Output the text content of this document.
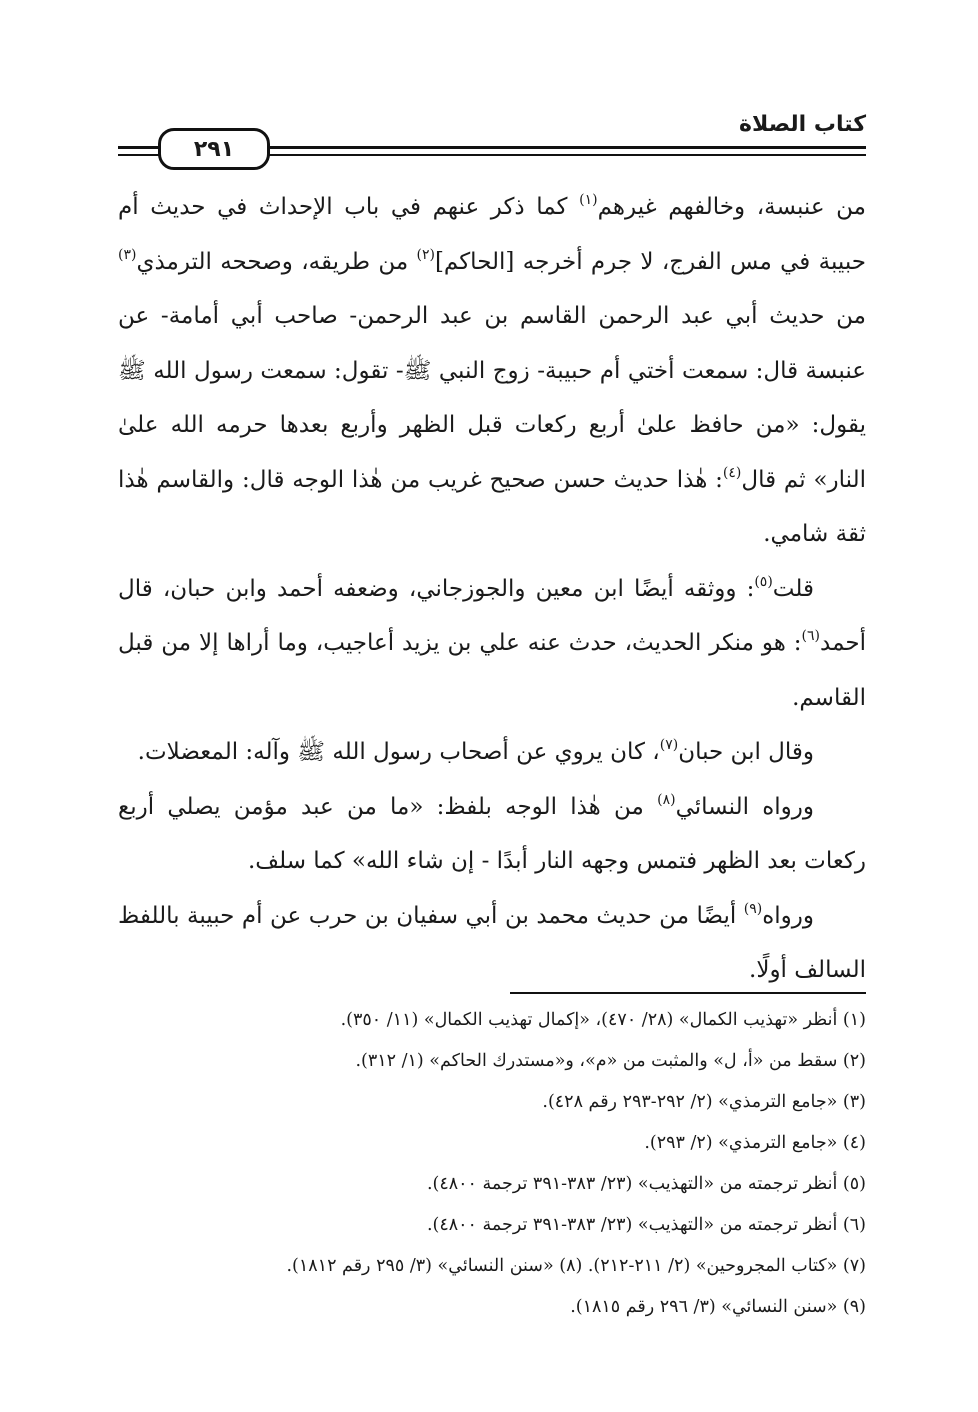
كتاب الصلاة
٢٩١

من عنبسة، وخالفهم غيرهم$^{(١)}$ كما ذكر عنهم في باب الإحداث في حديث أم حبيبة في مس الفرج، لا جرم أخرجه [الحاكم]$^{(٢)}$ من طريقه، وصححه الترمذي$^{(٣)}$ من حديث أبي عبد الرحمن القاسم بن عبد الرحمن- صاحب أبي أمامة- عن عنبسة قال: سمعت أختي أم حبيبة- زوج النبي ﷺ- تقول: سمعت رسول الله ﷺ يقول: «من حافظ علىٰ أربع ركعات قبل الظهر وأربع بعدها حرمه الله علىٰ النار» ثم قال$^{(٤)}$: هٰذا حديث حسن صحيح غريب من هٰذا الوجه قال: والقاسم هٰذا ثقة شامي.

قلت$^{(٥)}$: ووثقه أيضًا ابن معين والجوزجاني، وضعفه أحمد وابن حبان، قال أحمد$^{(٦)}$: هو منكر الحديث، حدث عنه علي بن يزيد أعاجيب، وما أراها إلا من قبل القاسم.

وقال ابن حبان$^{(٧)}$، كان يروي عن أصحاب رسول الله ﷺ وآله: المعضلات.

ورواه النسائي$^{(٨)}$ من هٰذا الوجه بلفظ: «ما من عبد مؤمن يصلي أربع ركعات بعد الظهر فتمس وجهه النار أبدًا - إن شاء الله» كما سلف.

ورواه$^{(٩)}$ أيضًا من حديث محمد بن أبي سفيان بن حرب عن أم حبيبة باللفظ السالف أولًا.

(١) أنظر «تهذيب الكمال» (٢٨/ ٤٧٠)، «إكمال تهذيب الكمال» (١١/ ٣٥٠).

(٢) سقط من «أ، ل» والمثبت من «م»، و«مستدرك الحاكم» (١/ ٣١٢).

(٣) «جامع الترمذي» (٢/ ٢٩٢-٢٩٣ رقم ٤٢٨).

(٤) «جامع الترمذي» (٢/ ٢٩٣).

(٥) أنظر ترجمته من «التهذيب» (٢٣/ ٣٨٣-٣٩١ ترجمة ٤٨٠٠).

(٦) أنظر ترجمته من «التهذيب» (٢٣/ ٣٨٣-٣٩١ ترجمة ٤٨٠٠).

(٧) «كتاب المجروحين» (٢/ ٢١١-٢١٢). (٨) «سنن النسائي» (٣/ ٢٩٥ رقم ١٨١٢).

(٩) «سنن النسائي» (٣/ ٢٩٦ رقم ١٨١٥).
